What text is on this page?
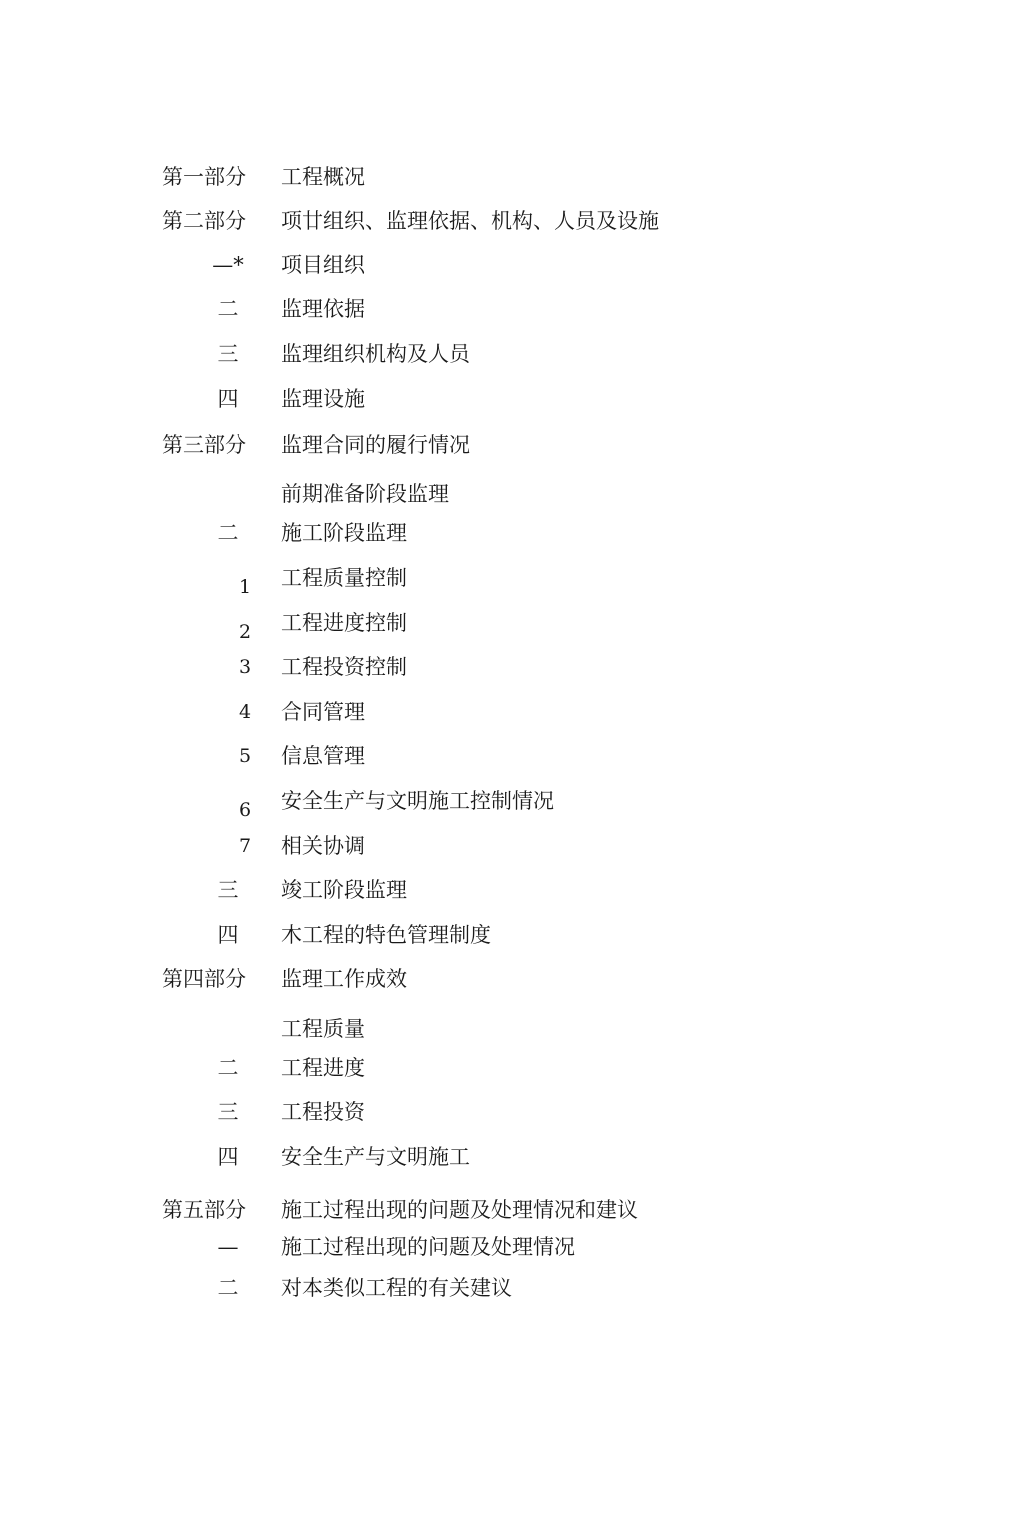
第一部分 工程概况
第二部分 项廿组织、监理依据、机构、人员及设施
—* 项目组织
二	监理依据
三	监理组织机构及人员
四	监理设施
第三部分 监理合同的履行情况
前期准备阶段监理
二	施工阶段监理
1 工程质量控制
2 工程进度控制
3 工程投资控制
4 合同管理
5 信息管理
6 安全生产与文明施工控制情况
7 相关协调
三	竣工阶段监理
四	木工程的特色管理制度
第四部分 监理工作成效
工程质量
二	工程进度
三	工程投资
四	安全生产与文明施工
第五部分 施工过程出现的问题及处理情况和建议
—	施工过程出现的问题及处理情况
二	对本类似工程的有关建议
